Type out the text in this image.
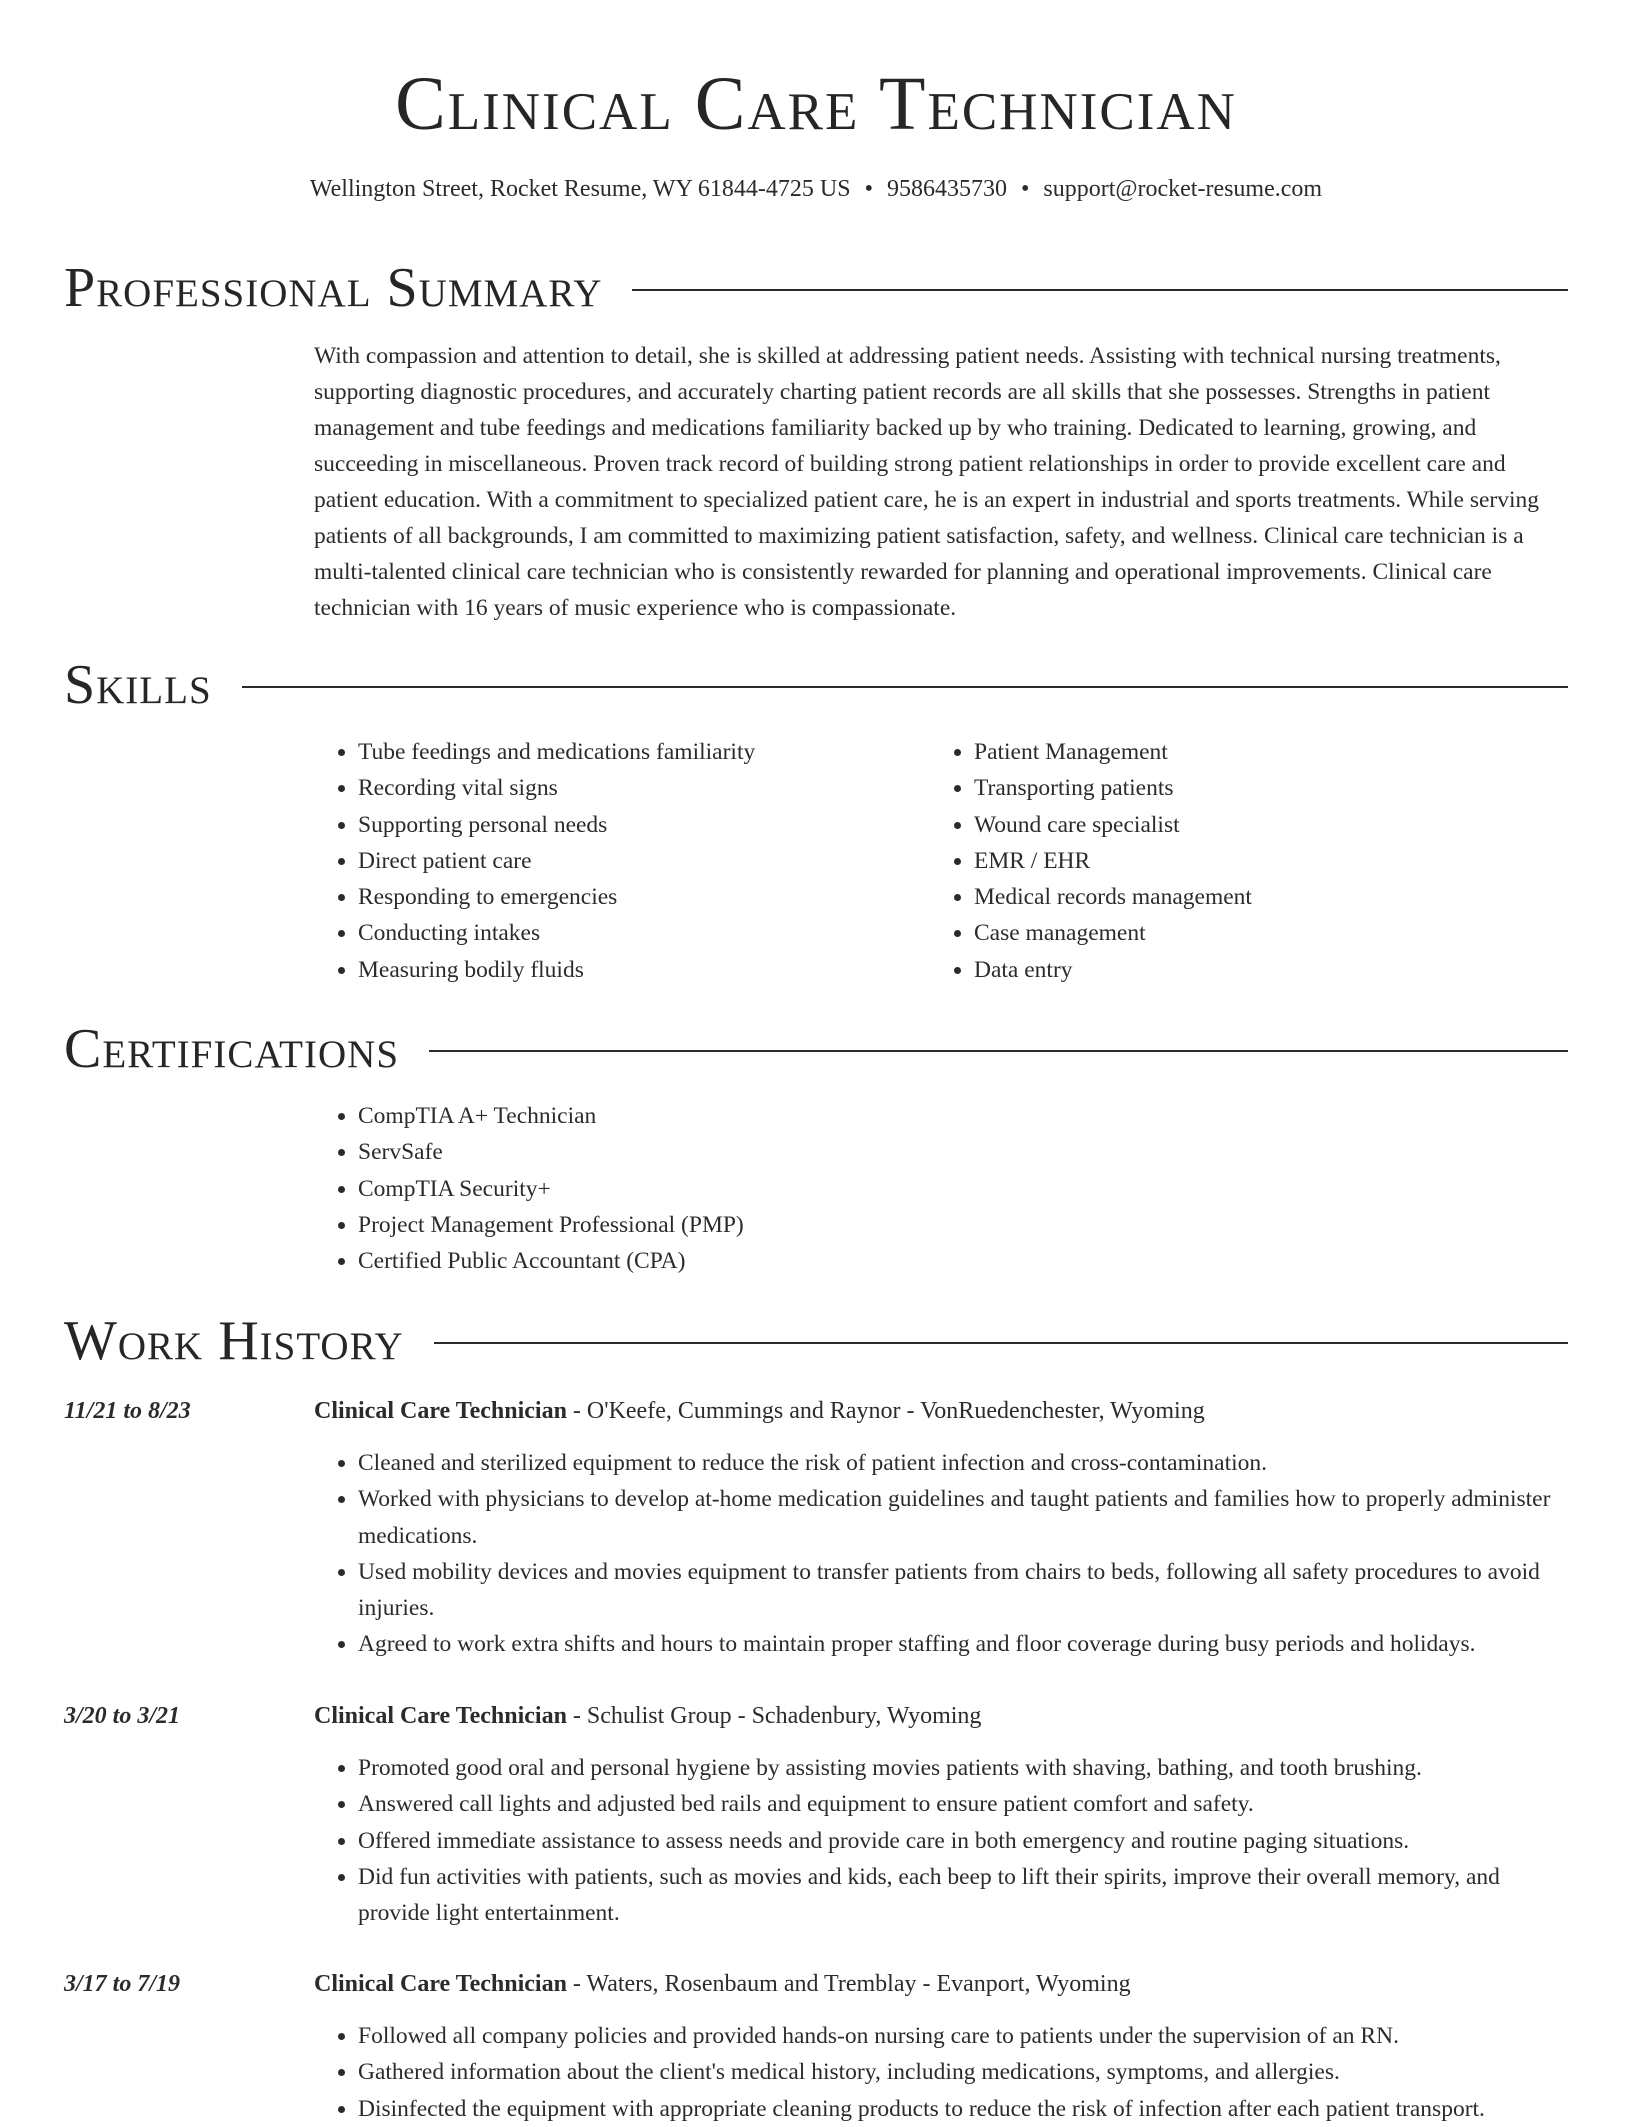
Clinical Care Technician
Wellington Street, Rocket Resume, WY 61844-4725 US • 9586435730 • support@rocket-resume.com
Professional Summary

With compassion and attention to detail, she is skilled at addressing patient needs. Assisting with technical nursing treatments, supporting diagnostic procedures, and accurately charting patient records are all skills that she possesses. Strengths in patient management and tube feedings and medications familiarity backed up by who training. Dedicated to learning, growing, and succeeding in miscellaneous. Proven track record of building strong patient relationships in order to provide excellent care and patient education. With a commitment to specialized patient care, he is an expert in industrial and sports treatments. While serving patients of all backgrounds, I am committed to maximizing patient satisfaction, safety, and wellness. Clinical care technician is a multi-talented clinical care technician who is consistently rewarded for planning and operational improvements. Clinical care technician with 16 years of music experience who is compassionate.

Skills
• Tube feedings and medications familiarity
• Recording vital signs
• Supporting personal needs
• Direct patient care
• Responding to emergencies
• Conducting intakes
• Measuring bodily fluids
• Patient Management
• Transporting patients
• Wound care specialist
• EMR / EHR
• Medical records management
• Case management
• Data entry
Certifications
• CompTIA A+ Technician
• ServSafe
• CompTIA Security+
• Project Management Professional (PMP)
• Certified Public Accountant (CPA)
Work History
11/21 to 8/23	Clinical Care Technician - O'Keefe, Cummings and Raynor - VonRuedenchester, Wyoming
• Cleaned and sterilized equipment to reduce the risk of patient infection and cross-contamination.
• Worked with physicians to develop at-home medication guidelines and taught patients and families how to properly administer medications.
• Used mobility devices and movies equipment to transfer patients from chairs to beds, following all safety procedures to avoid injuries.
• Agreed to work extra shifts and hours to maintain proper staffing and floor coverage during busy periods and holidays.
3/20 to 3/21	Clinical Care Technician - Schulist Group - Schadenbury, Wyoming
• Promoted good oral and personal hygiene by assisting movies patients with shaving, bathing, and tooth brushing.
• Answered call lights and adjusted bed rails and equipment to ensure patient comfort and safety.
• Offered immediate assistance to assess needs and provide care in both emergency and routine paging situations.
• Did fun activities with patients, such as movies and kids, each beep to lift their spirits, improve their overall memory, and provide light entertainment.
3/17 to 7/19	Clinical Care Technician - Waters, Rosenbaum and Tremblay - Evanport, Wyoming
• Followed all company policies and provided hands-on nursing care to patients under the supervision of an RN.
• Gathered information about the client's medical history, including medications, symptoms, and allergies.
• Disinfected the equipment with appropriate cleaning products to reduce the risk of infection after each patient transport.
